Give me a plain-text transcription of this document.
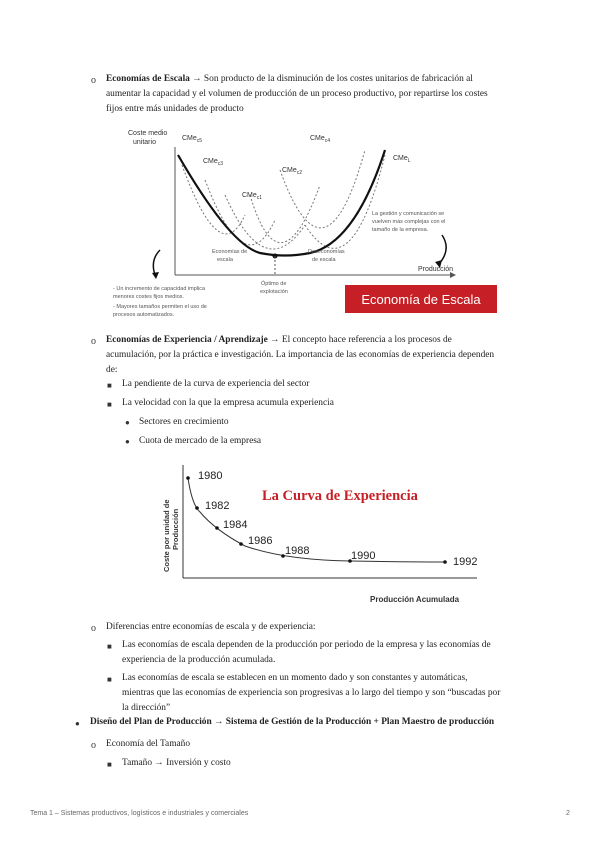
o Economías de Escala → Son producto de la disminución de los costes unitarios de fabricación al
aumentar la capacidad y el volumen de producción de un proceso productivo, por repartirse los costes
fijos entre más unidades de producto
Coste medio
unitario
CMe$_{c5}$	CMe$_{c4}$
CMe$_{c3}$
CMe$_{c2}$
CMe$_{c1}$
CMe$_L$
Economías de
escala
Deseconomías
de escala
Óptimo de
explotación
La gestión y comunicación se
vuelven más complejas con el
tamaño de la empresa.
- Un incremento de capacidad implica
menores costes fijos medios.
- Mayores tamaños permiten el uso de
procesos automatizados.
Producción
Economía de Escala
o Economías de Experiencia / Aprendizaje → El concepto hace referencia a los procesos de
acumulación, por la práctica e investigación. La importancia de las economías de experiencia dependen
de:
■ La pendiente de la curva de experiencia del sector
■ La velocidad con la que la empresa acumula experiencia
● Sectores en crecimiento
● Cuota de mercado de la empresa
1980
1982
1984
1986
1988	1990	1992
La Curva de Experiencia
Coste por unidad de Producción
Producción Acumulada
o Diferencias entre economías de escala y de experiencia:
■ Las economías de escala dependen de la producción por periodo de la empresa y las economías de
experiencia de la producción acumulada.
■ Las economías de escala se establecen en un momento dado y son constantes y automáticas,
mientras que las economías de experiencia son progresivas a lo largo del tiempo y son “buscadas por
la dirección”
● Diseño del Plan de Producción → Sistema de Gestión de la Producción + Plan Maestro de producción
o Economía del Tamaño
■ Tamaño → Inversión y costo
Tema 1 – Sistemas productivos, logísticos e industriales y comerciales	2
